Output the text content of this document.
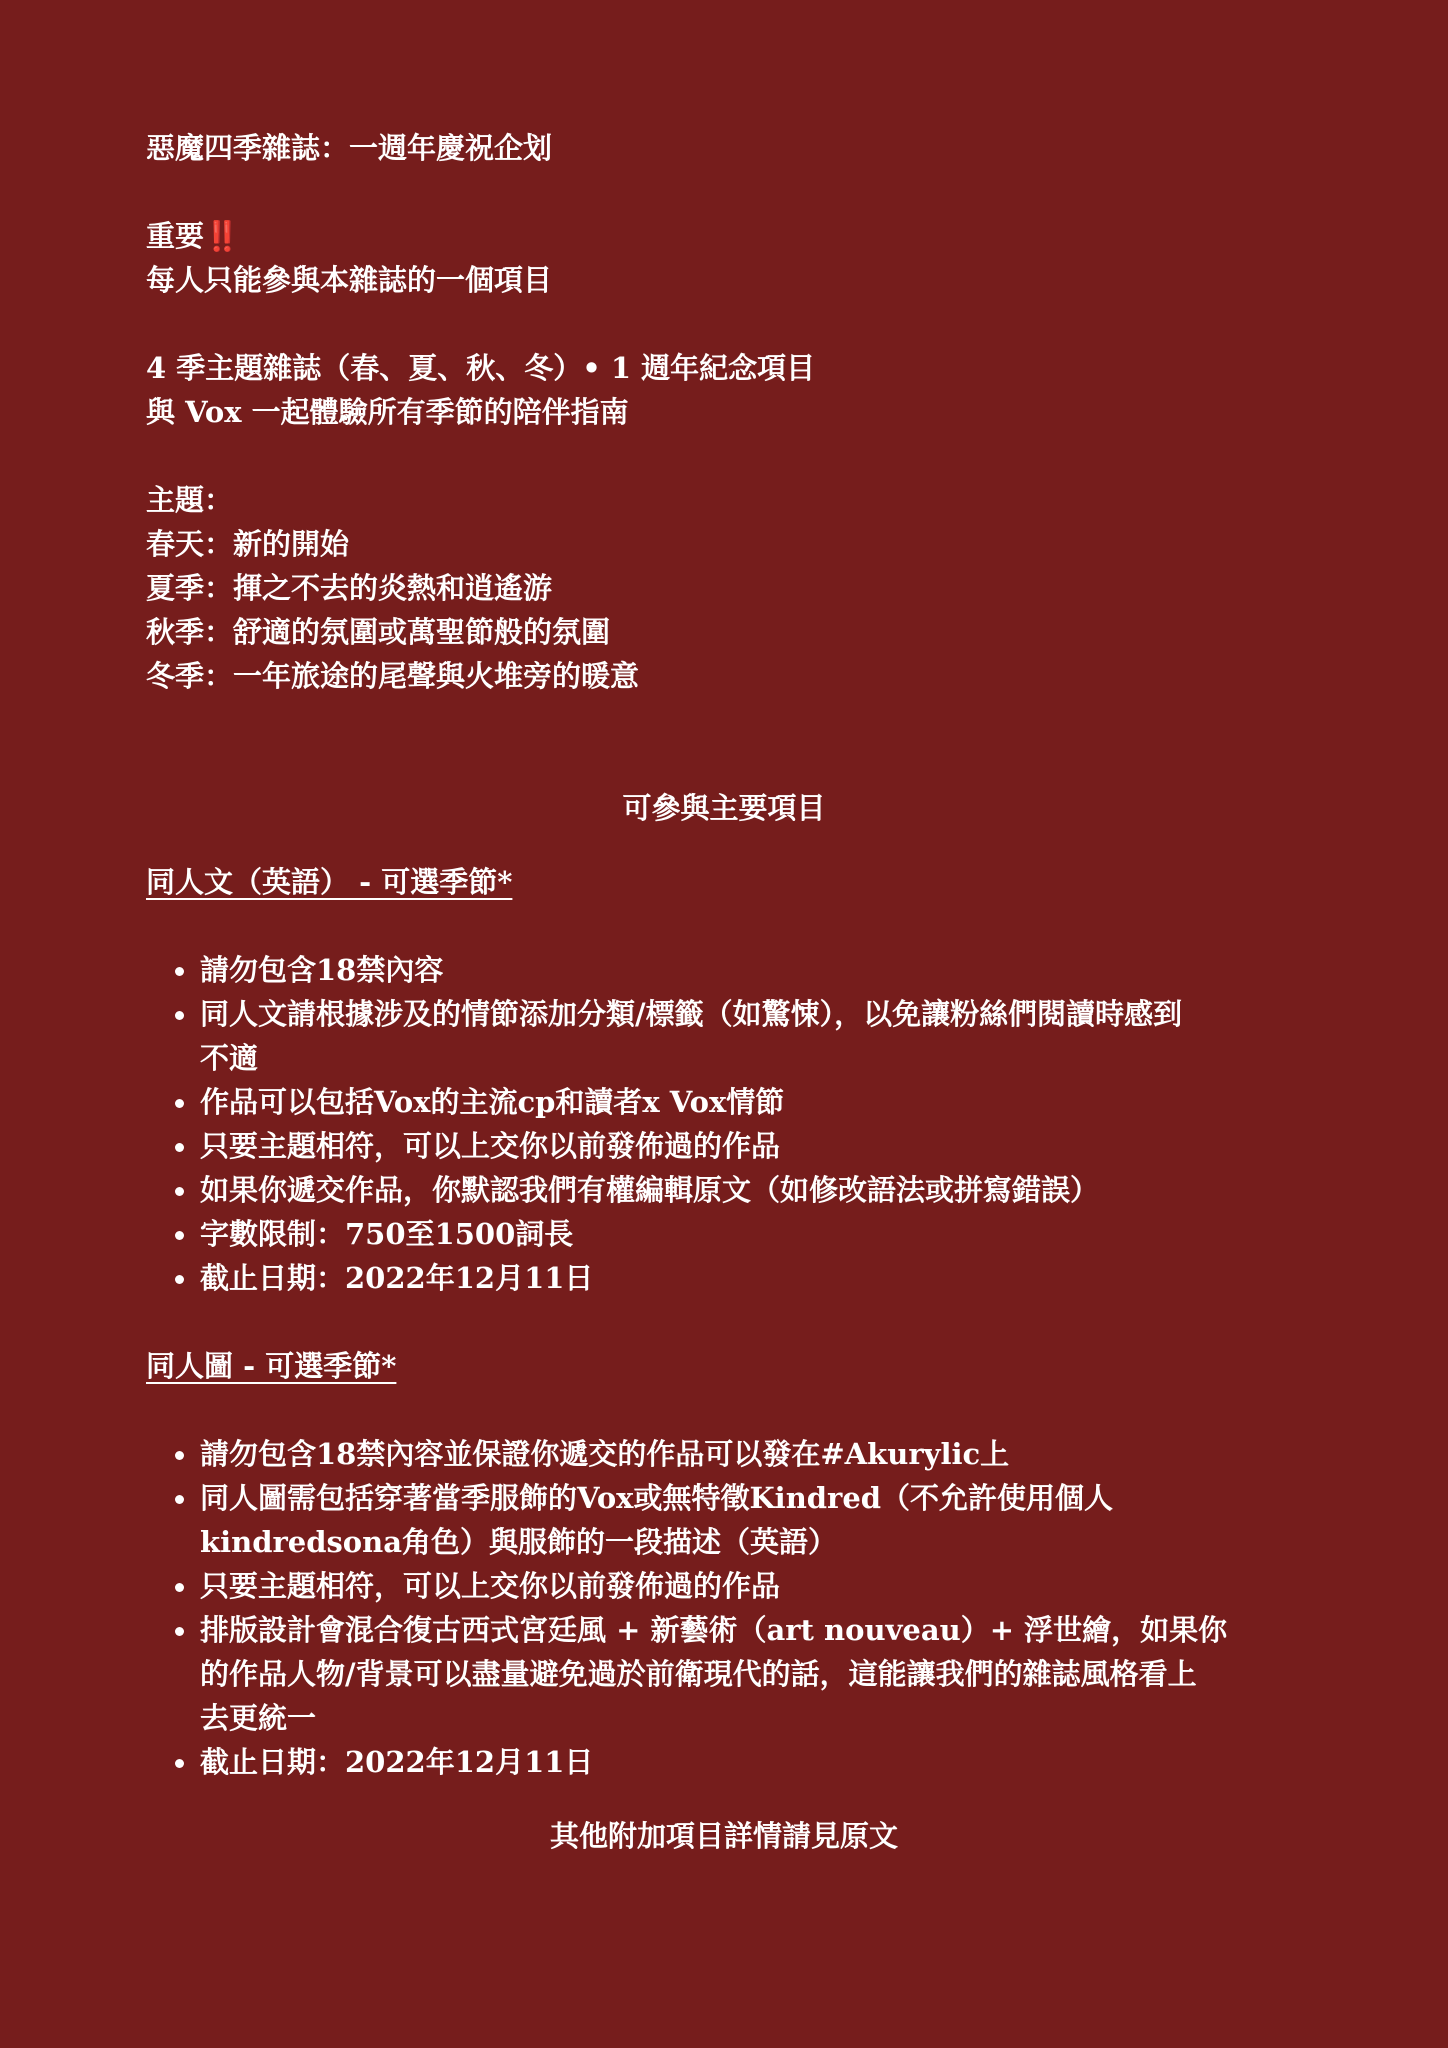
惡魔四季雜誌：一週年慶祝企划
重要‼️
每人只能參與本雜誌的一個項目
4 季主題雜誌（春、夏、秋、冬）• 1 週年紀念項目
與 Vox 一起體驗所有季節的陪伴指南
主題：
春天：新的開始
夏季：揮之不去的炎熱和逍遙游
秋季：舒適的氛圍或萬聖節般的氛圍
冬季：一年旅途的尾聲與火堆旁的暖意
可參與主要項目
同人文（英語） - 可選季節*
請勿包含18禁內容
同人文請根據涉及的情節添加分類/標籤（如驚悚），以免讓粉絲們閱讀時感到
不適
作品可以包括Vox的主流cp和讀者x Vox情節
只要主題相符，可以上交你以前發佈過的作品
如果你遞交作品，你默認我們有權編輯原文（如修改語法或拼寫錯誤）
字數限制：750至1500詞長
截止日期：2022年12月11日
同人圖 - 可選季節*
請勿包含18禁內容並保證你遞交的作品可以發在#Akurylic上
同人圖需包括穿著當季服飾的Vox或無特徵Kindred（不允許使用個人
kindredsona角色）與服飾的一段描述（英語）
只要主題相符，可以上交你以前發佈過的作品
排版設計會混合復古西式宮廷風 + 新藝術（art nouveau）+ 浮世繪，如果你
的作品人物/背景可以盡量避免過於前衛現代的話，這能讓我們的雜誌風格看上
去更統一
截止日期：2022年12月11日
其他附加項目詳情請見原文
